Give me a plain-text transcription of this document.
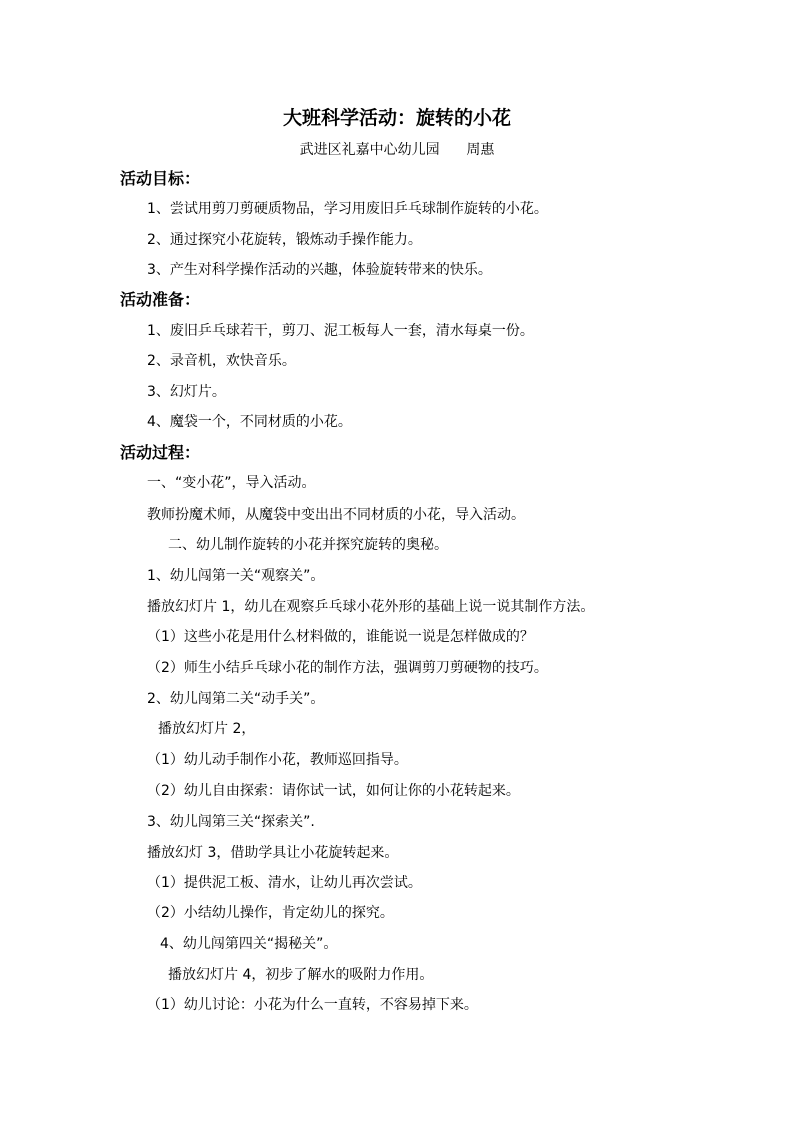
大班科学活动：旋转的小花
武进区礼嘉中心幼儿园      周惠
活动目标：
1、尝试用剪刀剪硬质物品，学习用废旧乒乓球制作旋转的小花。
2、通过探究小花旋转，锻炼动手操作能力。
3、产生对科学操作活动的兴趣，体验旋转带来的快乐。
活动准备：
1、废旧乒乓球若干，剪刀、泥工板每人一套，清水每桌一份。
2、录音机，欢快音乐。
3、幻灯片。
4、魔袋一个，不同材质的小花。
活动过程：
一、“变小花”，导入活动。
教师扮魔术师，从魔袋中变出出不同材质的小花，导入活动。
二、幼儿制作旋转的小花并探究旋转的奥秘。
1、幼儿闯第一关“观察关”。
播放幻灯片 1，幼儿在观察乒乓球小花外形的基础上说一说其制作方法。
（1）这些小花是用什么材料做的，谁能说一说是怎样做成的？
（2）师生小结乒乓球小花的制作方法，强调剪刀剪硬物的技巧。
2、幼儿闯第二关“动手关”。
播放幻灯片 2，
（1）幼儿动手制作小花，教师巡回指导。
（2）幼儿自由探索：请你试一试，如何让你的小花转起来。
3、幼儿闯第三关“探索关”.
播放幻灯 3，借助学具让小花旋转起来。
（1）提供泥工板、清水，让幼儿再次尝试。
（2）小结幼儿操作，肯定幼儿的探究。
4、幼儿闯第四关“揭秘关”。
播放幻灯片 4，初步了解水的吸附力作用。
（1）幼儿讨论：小花为什么一直转，不容易掉下来。
